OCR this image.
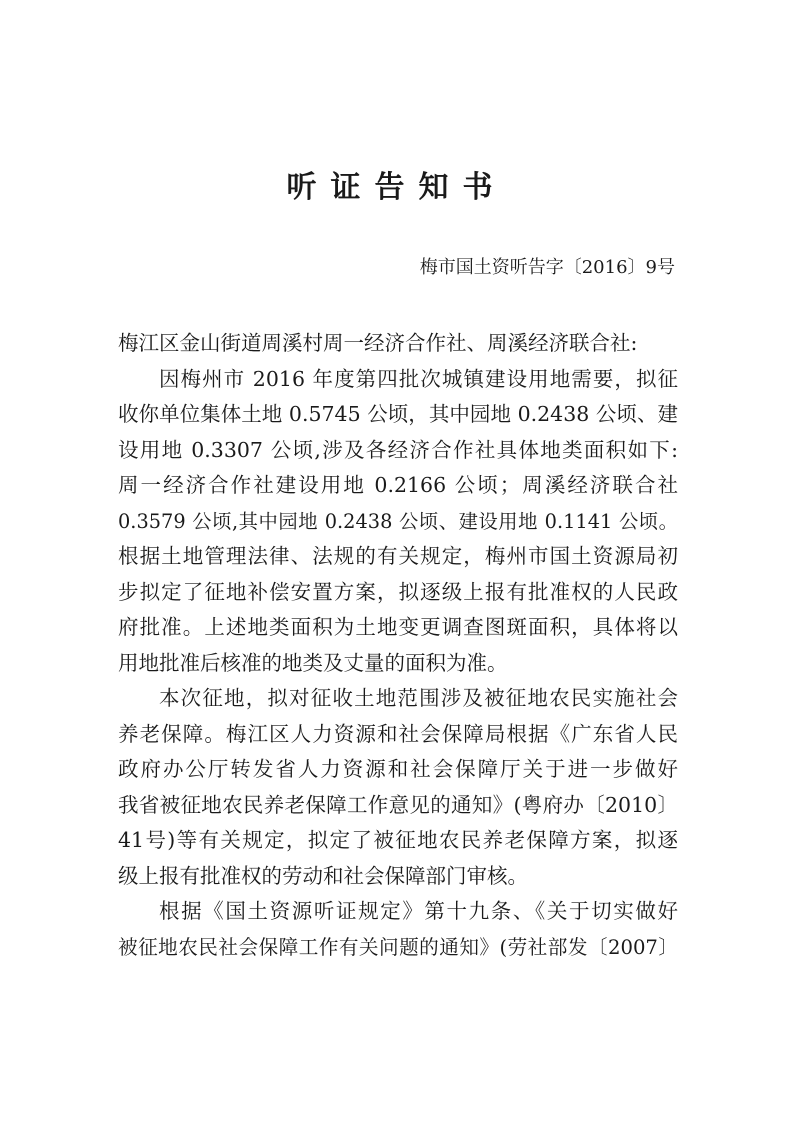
听证告知书
梅市国土资听告字〔2016〕9号
梅江区金山街道周溪村周一经济合作社、周溪经济联合社:
因梅州市 2016 年度第四批次城镇建设用地需要，拟征
收你单位集体土地 0.5745 公顷，其中园地 0.2438 公顷、建
设用地 0.3307 公顷,涉及各经济合作社具体地类面积如下:
周一经济合作社建设用地 0.2166 公顷；周溪经济联合社
0.3579 公顷,其中园地 0.2438 公顷、建设用地 0.1141 公顷。
根据土地管理法律、法规的有关规定，梅州市国土资源局初
步拟定了征地补偿安置方案，拟逐级上报有批准权的人民政
府批准。上述地类面积为土地变更调查图斑面积，具体将以
用地批准后核准的地类及丈量的面积为准。
本次征地，拟对征收土地范围涉及被征地农民实施社会
养老保障。梅江区人力资源和社会保障局根据《广东省人民
政府办公厅转发省人力资源和社会保障厅关于进一步做好
我省被征地农民养老保障工作意见的通知》(粤府办〔2010〕
41号)等有关规定，拟定了被征地农民养老保障方案，拟逐
级上报有批准权的劳动和社会保障部门审核。
根据《国土资源听证规定》第十九条、《关于切实做好
被征地农民社会保障工作有关问题的通知》(劳社部发〔2007〕
